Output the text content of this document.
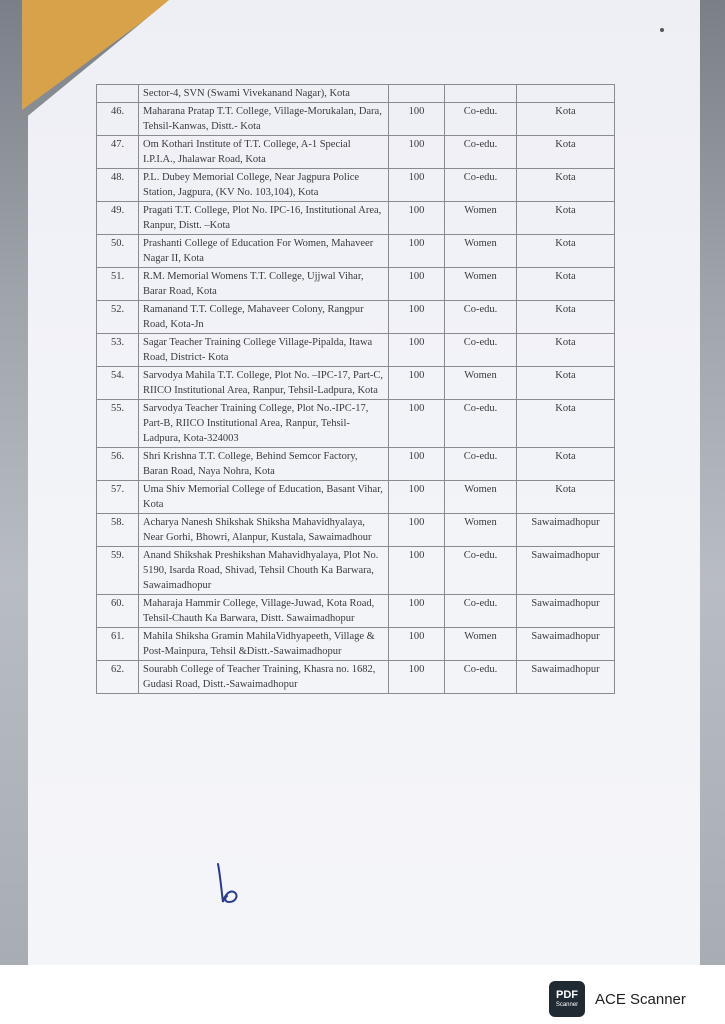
	Sector-4, SVN (Swami Vivekanand Nagar), Kota			
46.	Maharana Pratap T.T. College, Village-Morukalan, Dara, Tehsil-Kanwas, Distt.- Kota	100	Co-edu.	Kota
47.	Om Kothari Institute of T.T. College, A-1 Special I.P.I.A., Jhalawar Road, Kota	100	Co-edu.	Kota
48.	P.L. Dubey Memorial College, Near Jagpura Police Station, Jagpura, (KV No. 103,104), Kota	100	Co-edu.	Kota
49.	Pragati T.T. College, Plot No. IPC-16, Institutional Area, Ranpur, Distt. –Kota	100	Women	Kota
50.	Prashanti College of Education For Women, Mahaveer Nagar II, Kota	100	Women	Kota
51.	R.M. Memorial Womens T.T. College, Ujjwal Vihar, Barar Road, Kota	100	Women	Kota
52.	Ramanand T.T. College, Mahaveer Colony, Rangpur Road, Kota-Jn	100	Co-edu.	Kota
53.	Sagar Teacher Training College Village-Pipalda, Itawa Road, District- Kota	100	Co-edu.	Kota
54.	Sarvodya Mahila T.T. College, Plot No. –IPC-17, Part-C, RIICO Institutional Area, Ranpur, Tehsil-Ladpura, Kota	100	Women	Kota
55.	Sarvodya Teacher Training College, Plot No.-IPC-17, Part-B, RIICO Institutional Area, Ranpur, Tehsil-Ladpura, Kota-324003	100	Co-edu.	Kota
56.	Shri Krishna T.T. College, Behind Semcor Factory, Baran Road, Naya Nohra, Kota	100	Co-edu.	Kota
57.	Uma Shiv Memorial College of Education, Basant Vihar, Kota	100	Women	Kota
58.	Acharya Nanesh Shikshak Shiksha Mahavidhyalaya, Near Gorhi, Bhowri, Alanpur, Kustala, Sawaimadhour	100	Women	Sawaimadhopur
59.	Anand Shikshak Preshikshan Mahavidhyalaya, Plot No. 5190, Isarda Road, Shivad, Tehsil Chouth Ka Barwara, Sawaimadhopur	100	Co-edu.	Sawaimadhopur
60.	Maharaja Hammir College, Village-Juwad, Kota Road, Tehsil-Chauth Ka Barwara, Distt. Sawaimadhopur	100	Co-edu.	Sawaimadhopur
61.	Mahila Shiksha Gramin MahilaVidhyapeeth, Village & Post-Mainpura, Tehsil &Distt.-Sawaimadhopur	100	Women	Sawaimadhopur
62.	Sourabh College of Teacher Training, Khasra no. 1682, Gudasi Road, Distt.-Sawaimadhopur	100	Co-edu.	Sawaimadhopur
PDF
Scanner ACE Scanner
